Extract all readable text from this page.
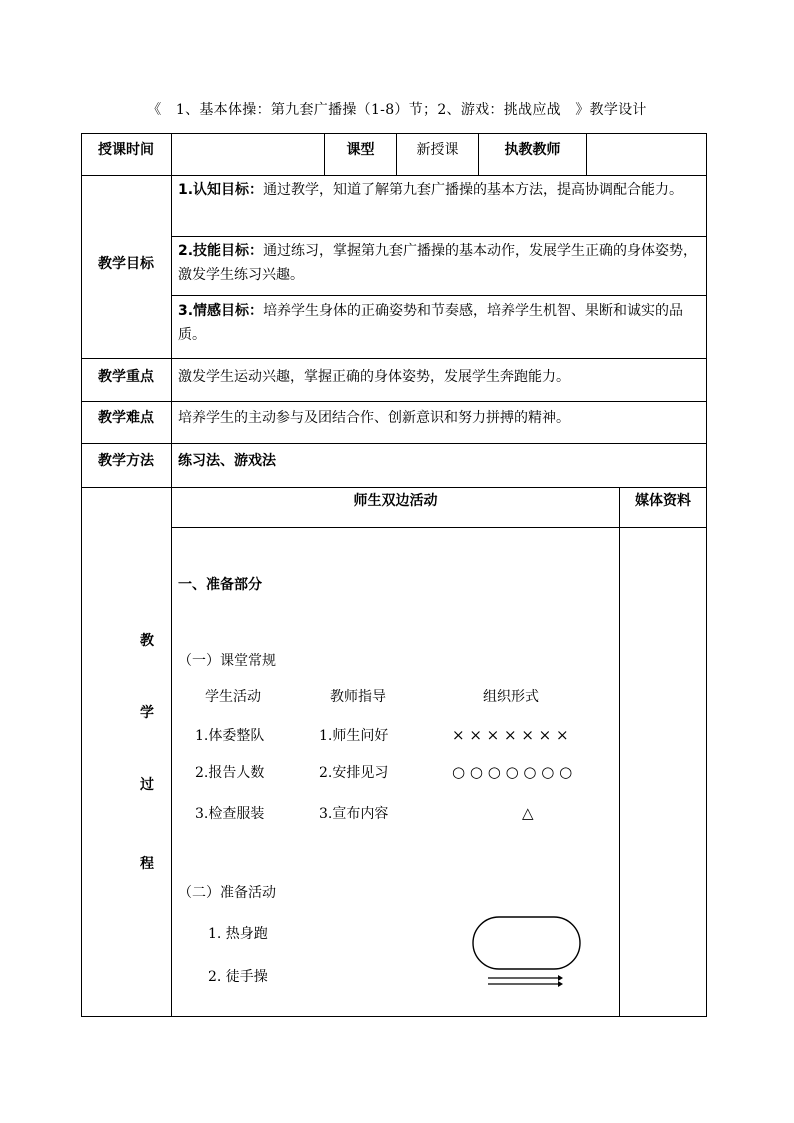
《　1、基本体操：第九套广播操（1-8）节；2、游戏：挑战应战　》教学设计
授课时间	课型	新授课	执教教师
教学目标
1.认知目标：通过教学，知道了解第九套广播操的基本方法，提高协调配合能力。
2.技能目标：通过练习，掌握第九套广播操的基本动作，发展学生正确的身体姿势，激发学生练习兴趣。
3.情感目标：培养学生身体的正确姿势和节奏感，培养学生机智、果断和诚实的品质。
教学重点	激发学生运动兴趣，掌握正确的身体姿势，发展学生奔跑能力。
教学难点	培养学生的主动参与及团结合作、创新意识和努力拼搏的精神。
教学方法	练习法、游戏法
教
学
过
程
师生双边活动	媒体资料
一、准备部分
（一）课堂常规
学生活动	教师指导	组织形式
1.体委整队	1.师生问好	× × × × × × ×
2.报告人数	2.安排见习	○ ○ ○ ○ ○ ○ ○
3.检查服装	3.宣布内容	△
（二）准备活动
1. 热身跑
2. 徒手操
